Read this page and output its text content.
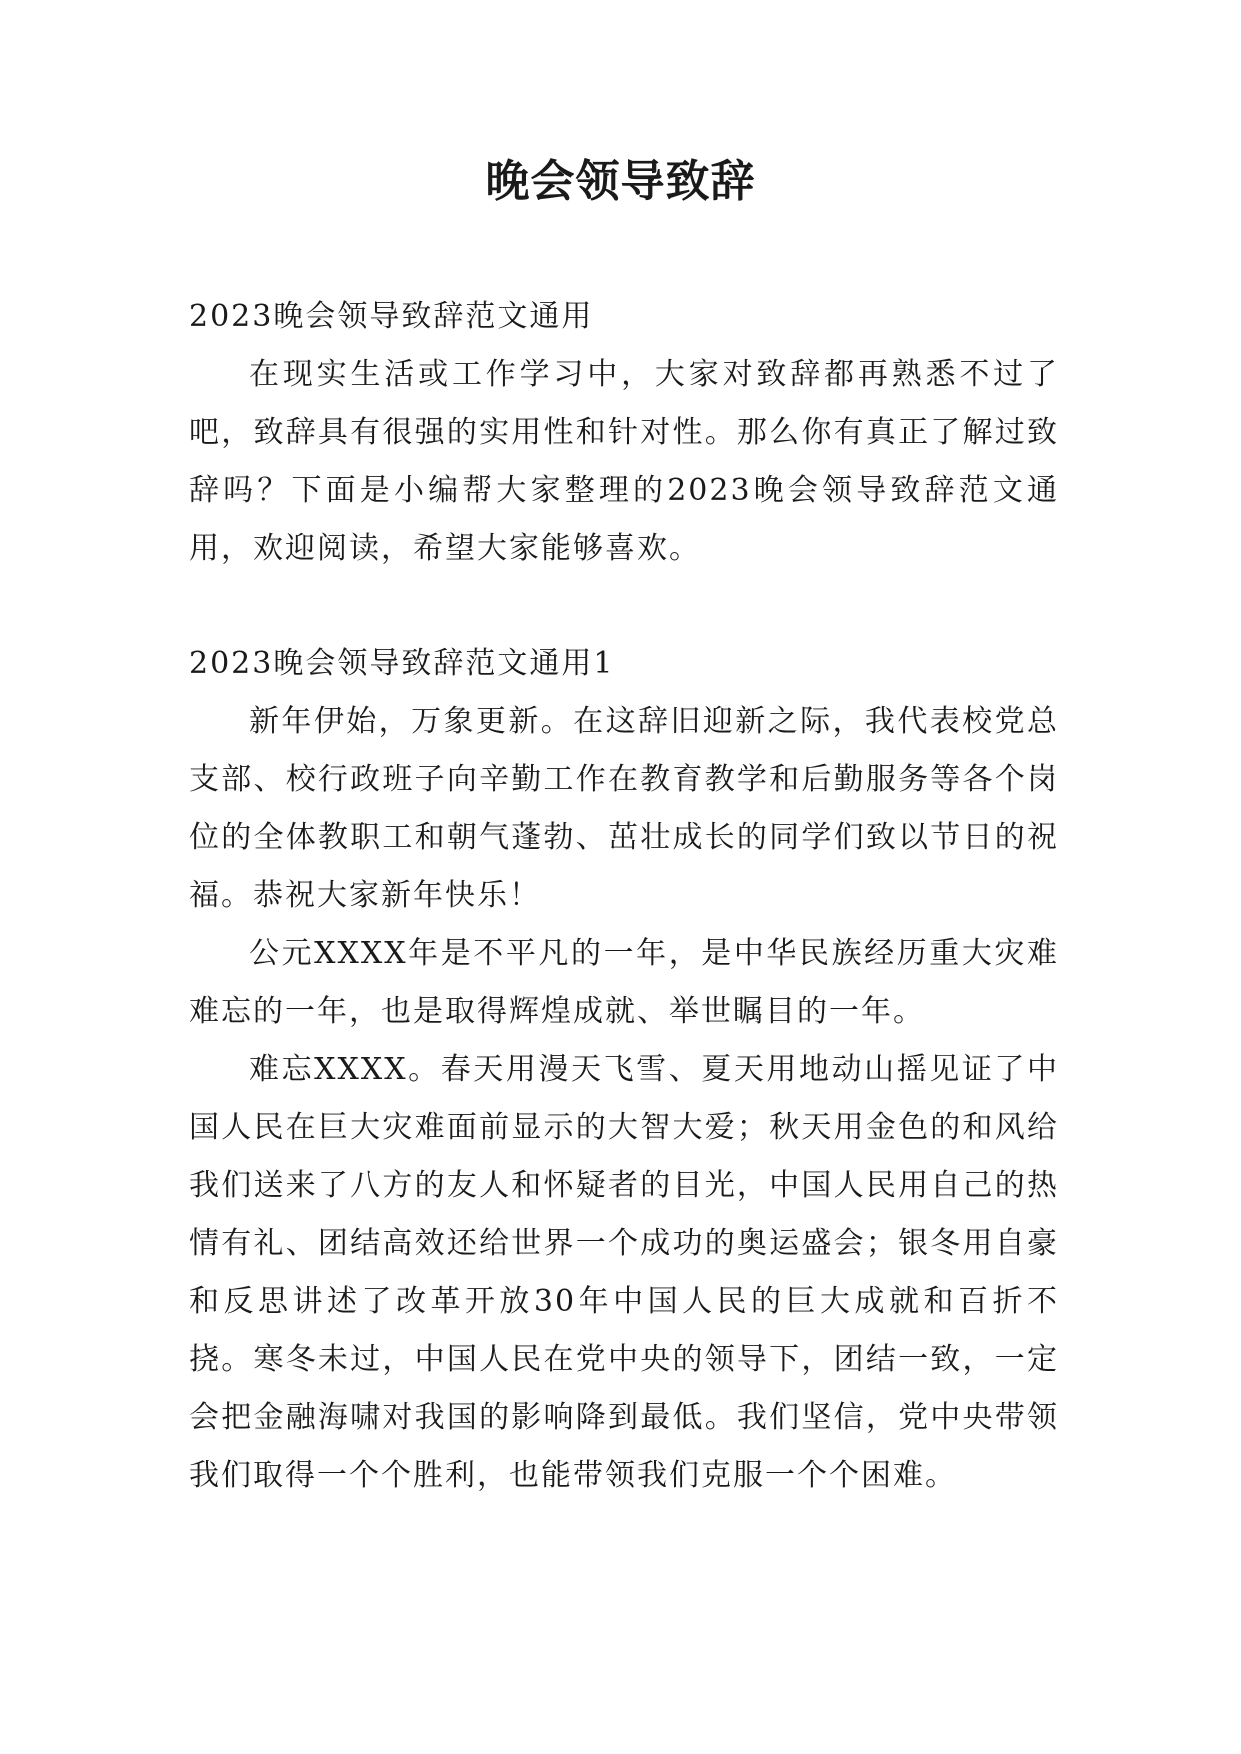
晚会领导致辞

2023晚会领导致辞范文通用

在现实生活或工作学习中，大家对致辞都再熟悉不过了吧，致辞具有很强的实用性和针对性。那么你有真正了解过致辞吗？下面是小编帮大家整理的2023晚会领导致辞范文通用，欢迎阅读，希望大家能够喜欢。

2023晚会领导致辞范文通用1

新年伊始，万象更新。在这辞旧迎新之际，我代表校党总支部、校行政班子向辛勤工作在教育教学和后勤服务等各个岗位的全体教职工和朝气蓬勃、茁壮成长的同学们致以节日的祝福。恭祝大家新年快乐！

公元XXXX年是不平凡的一年，是中华民族经历重大灾难难忘的一年，也是取得辉煌成就、举世瞩目的一年。

难忘XXXX。春天用漫天飞雪、夏天用地动山摇见证了中国人民在巨大灾难面前显示的大智大爱；秋天用金色的和风给我们送来了八方的友人和怀疑者的目光，中国人民用自己的热情有礼、团结高效还给世界一个成功的奥运盛会；银冬用自豪和反思讲述了改革开放30年中国人民的巨大成就和百折不挠。寒冬未过，中国人民在党中央的领导下，团结一致，一定会把金融海啸对我国的影响降到最低。我们坚信，党中央带领我们取得一个个胜利，也能带领我们克服一个个困难。
